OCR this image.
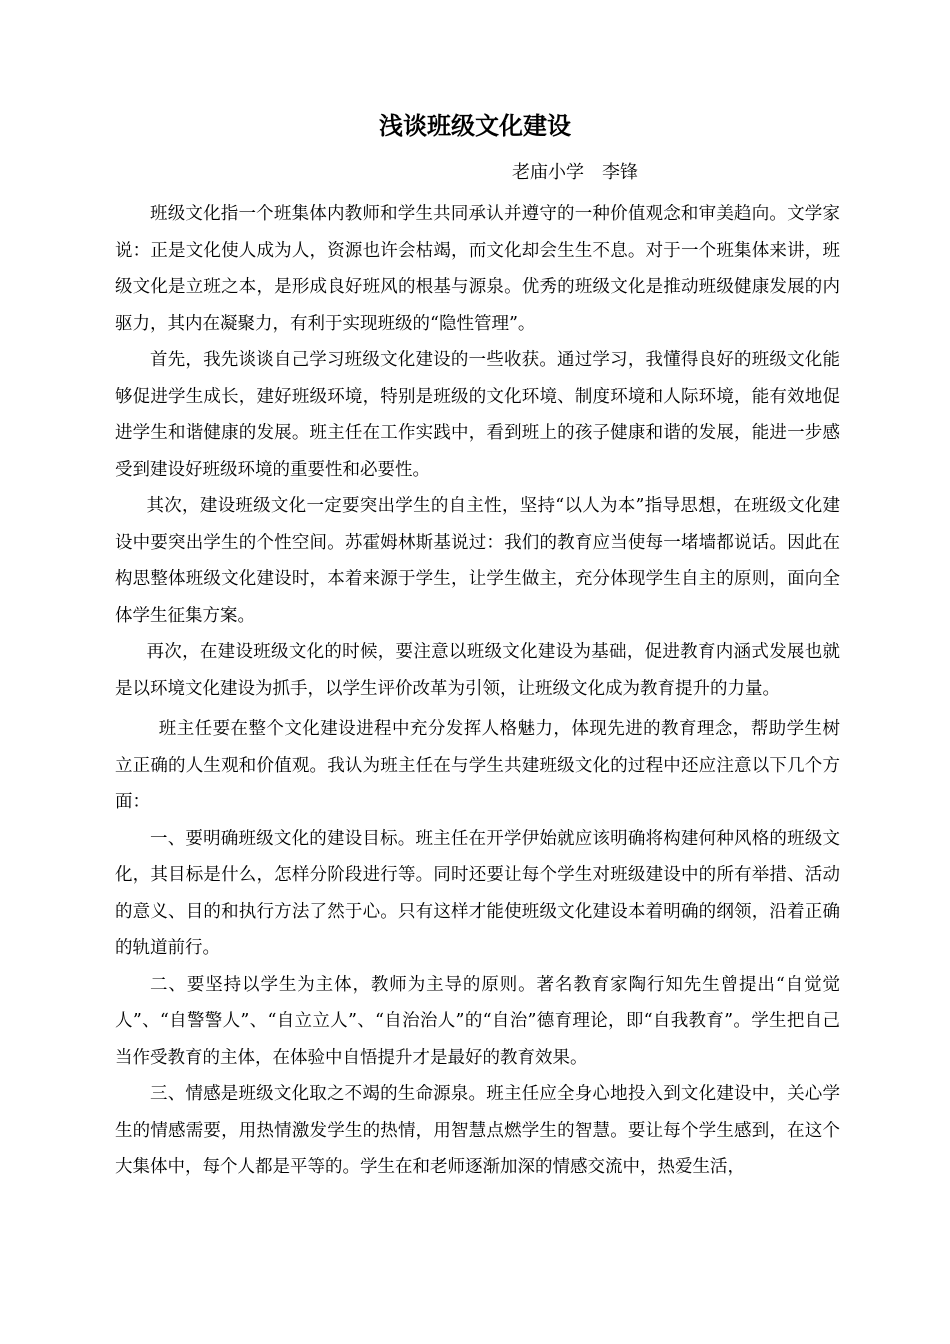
浅谈班级文化建设

老庙小学　李锋

班级文化指一个班集体内教师和学生共同承认并遵守的一种价值观念和审美趋向。文学家说：正是文化使人成为人，资源也许会枯竭，而文化却会生生不息。对于一个班集体来讲，班级文化是立班之本，是形成良好班风的根基与源泉。优秀的班级文化是推动班级健康发展的内驱力，其内在凝聚力，有利于实现班级的“隐性管理”。

首先，我先谈谈自己学习班级文化建设的一些收获。通过学习，我懂得良好的班级文化能够促进学生成长，建好班级环境，特别是班级的文化环境、制度环境和人际环境，能有效地促进学生和谐健康的发展。班主任在工作实践中，看到班上的孩子健康和谐的发展，能进一步感受到建设好班级环境的重要性和必要性。

其次，建设班级文化一定要突出学生的自主性，坚持“以人为本”指导思想，在班级文化建设中要突出学生的个性空间。苏霍姆林斯基说过：我们的教育应当使每一堵墙都说话。因此在构思整体班级文化建设时，本着来源于学生，让学生做主，充分体现学生自主的原则，面向全体学生征集方案。

再次，在建设班级文化的时候，要注意以班级文化建设为基础，促进教育内涵式发展也就是以环境文化建设为抓手，以学生评价改革为引领，让班级文化成为教育提升的力量。

班主任要在整个文化建设进程中充分发挥人格魅力，体现先进的教育理念，帮助学生树立正确的人生观和价值观。我认为班主任在与学生共建班级文化的过程中还应注意以下几个方面：

一、要明确班级文化的建设目标。班主任在开学伊始就应该明确将构建何种风格的班级文化，其目标是什么，怎样分阶段进行等。同时还要让每个学生对班级建设中的所有举措、活动的意义、目的和执行方法了然于心。只有这样才能使班级文化建设本着明确的纲领，沿着正确的轨道前行。

二、要坚持以学生为主体，教师为主导的原则。著名教育家陶行知先生曾提出“自觉觉人”、“自警警人”、“自立立人”、“自治治人”的“自治”德育理论，即“自我教育”。学生把自己当作受教育的主体，在体验中自悟提升才是最好的教育效果。

三、情感是班级文化取之不竭的生命源泉。班主任应全身心地投入到文化建设中，关心学生的情感需要，用热情激发学生的热情，用智慧点燃学生的智慧。要让每个学生感到，在这个大集体中，每个人都是平等的。学生在和老师逐渐加深的情感交流中，热爱生活，
